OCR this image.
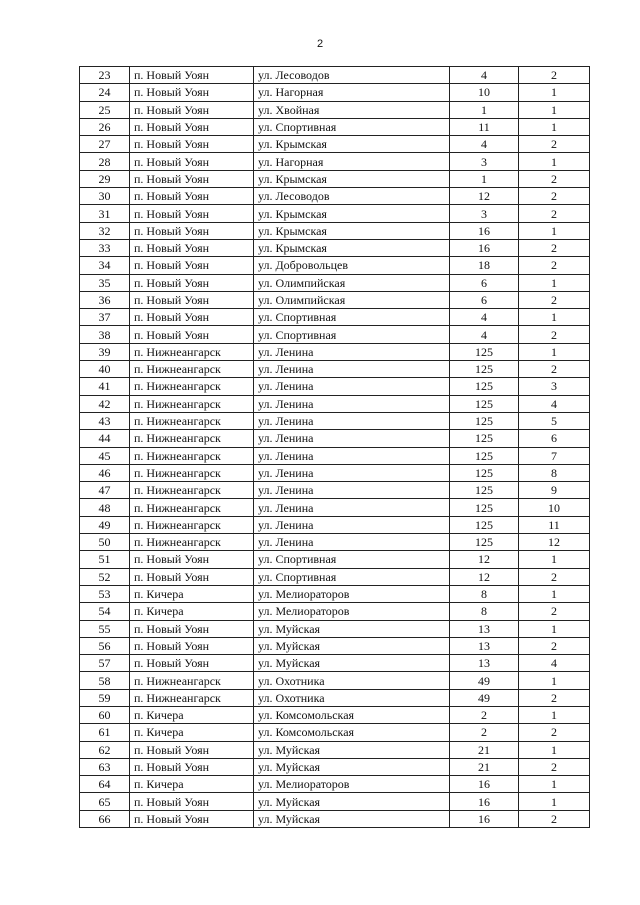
2
23	п. Новый Уоян	ул. Лесоводов	4	2
24	п. Новый Уоян	ул. Нагорная	10	1
25	п. Новый Уоян	ул. Хвойная	1	1
26	п. Новый Уоян	ул. Спортивная	11	1
27	п. Новый Уоян	ул. Крымская	4	2
28	п. Новый Уоян	ул. Нагорная	3	1
29	п. Новый Уоян	ул. Крымская	1	2
30	п. Новый Уоян	ул. Лесоводов	12	2
31	п. Новый Уоян	ул. Крымская	3	2
32	п. Новый Уоян	ул. Крымская	16	1
33	п. Новый Уоян	ул. Крымская	16	2
34	п. Новый Уоян	ул. Добровольцев	18	2
35	п. Новый Уоян	ул. Олимпийская	6	1
36	п. Новый Уоян	ул. Олимпийская	6	2
37	п. Новый Уоян	ул. Спортивная	4	1
38	п. Новый Уоян	ул. Спортивная	4	2
39	п. Нижнеангарск	ул. Ленина	125	1
40	п. Нижнеангарск	ул. Ленина	125	2
41	п. Нижнеангарск	ул. Ленина	125	3
42	п. Нижнеангарск	ул. Ленина	125	4
43	п. Нижнеангарск	ул. Ленина	125	5
44	п. Нижнеангарск	ул. Ленина	125	6
45	п. Нижнеангарск	ул. Ленина	125	7
46	п. Нижнеангарск	ул. Ленина	125	8
47	п. Нижнеангарск	ул. Ленина	125	9
48	п. Нижнеангарск	ул. Ленина	125	10
49	п. Нижнеангарск	ул. Ленина	125	11
50	п. Нижнеангарск	ул. Ленина	125	12
51	п. Новый Уоян	ул. Спортивная	12	1
52	п. Новый Уоян	ул. Спортивная	12	2
53	п. Кичера	ул. Мелиораторов	8	1
54	п. Кичера	ул. Мелиораторов	8	2
55	п. Новый Уоян	ул. Муйская	13	1
56	п. Новый Уоян	ул. Муйская	13	2
57	п. Новый Уоян	ул. Муйская	13	4
58	п. Нижнеангарск	ул. Охотника	49	1
59	п. Нижнеангарск	ул. Охотника	49	2
60	п. Кичера	ул. Комсомольская	2	1
61	п. Кичера	ул. Комсомольская	2	2
62	п. Новый Уоян	ул. Муйская	21	1
63	п. Новый Уоян	ул. Муйская	21	2
64	п. Кичера	ул. Мелиораторов	16	1
65	п. Новый Уоян	ул. Муйская	16	1
66	п. Новый Уоян	ул. Муйская	16	2
